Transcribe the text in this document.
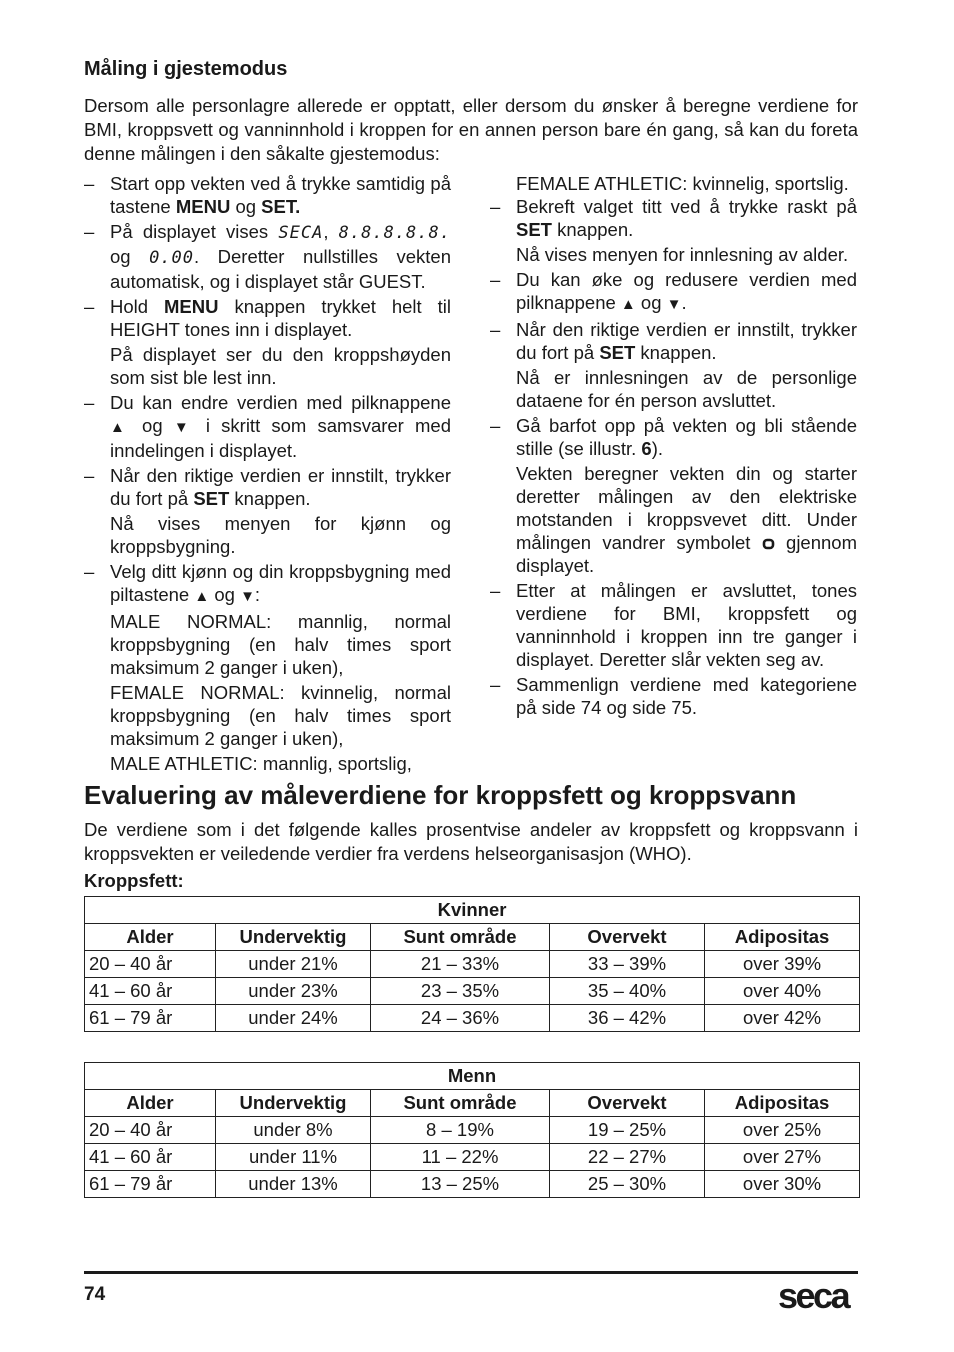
Måling i gjestemodus
Dersom alle personlagre allerede er opptatt, eller dersom du ønsker å beregne verdiene for BMI, kroppsvett og vanninnhold i kroppen for en annen person bare én gang, så kan du foreta denne målingen i den såkalte gjestemodus:
– Start opp vekten ved å trykke samtidig på tastene MENU og SET.
– På displayet vises SECA, 8.8.8.8.8. og 0.00. Deretter nullstilles vekten automatisk, og i displayet står GUEST.
– Hold MENU knappen trykket helt til HEIGHT tones inn i displayet.
På displayet ser du den kroppshøyden som sist ble lest inn.
– Du kan endre verdien med pilknappene ▲ og ▼ i skritt som samsvarer med inndelingen i displayet.
– Når den riktige verdien er innstilt, trykker du fort på SET knappen.
Nå vises menyen for kjønn og kroppsbygning.
– Velg ditt kjønn og din kroppsbygning med piltastene ▲ og ▼:
MALE NORMAL: mannlig, normal kroppsbygning (en halv times sport maksimum 2 ganger i uken),
FEMALE NORMAL: kvinnelig, normal kroppsbygning (en halv times sport maksimum 2 ganger i uken),
MALE ATHLETIC: mannlig, sportslig,
FEMALE ATHLETIC: kvinnelig, sportslig.
– Bekreft valget titt ved å trykke raskt på SET knappen.
Nå vises menyen for innlesning av alder.
– Du kan øke og redusere verdien med pilknappene ▲ og ▼.
– Når den riktige verdien er innstilt, trykker du fort på SET knappen.
Nå er innlesningen av de personlige dataene for én person avsluttet.
– Gå barfot opp på vekten og bli stående stille (se illustr. 6).
Vekten beregner vekten din og starter deretter målingen av den elektriske motstanden i kroppsvevet ditt. Under målingen vandrer symbolet  gjennom displayet.
– Etter at målingen er avsluttet, tones verdiene for BMI, kroppsfett og vanninnhold i kroppen inn tre ganger i displayet. Deretter slår vekten seg av.
– Sammenlign verdiene med kategoriene på side 74 og side 75.
Evaluering av måleverdiene for kroppsfett og kroppsvann
De verdiene som i det følgende kalles prosentvise andeler av kroppsfett og kroppsvann i kroppsvekten er veiledende verdier fra verdens helseorganisasjon (WHO).
Kroppsfett:
Kvinner				
Alder	Undervektig	Sunt område	Overvekt	Adipositas
20 – 40 år	under 21%	21 – 33%	33 – 39%	over 39%
41 – 60 år	under 23%	23 – 35%	35 – 40%	over 40%
61 – 79 år	under 24%	24 – 36%	36 – 42%	over 42%
Menn				
Alder	Undervektig	Sunt område	Overvekt	Adipositas
20 – 40 år	under 8%	8 – 19%	19 – 25%	over 25%
41 – 60 år	under 11%	11 – 22%	22 – 27%	over 27%
61 – 79 år	under 13%	13 – 25%	25 – 30%	over 30%
74	seca
